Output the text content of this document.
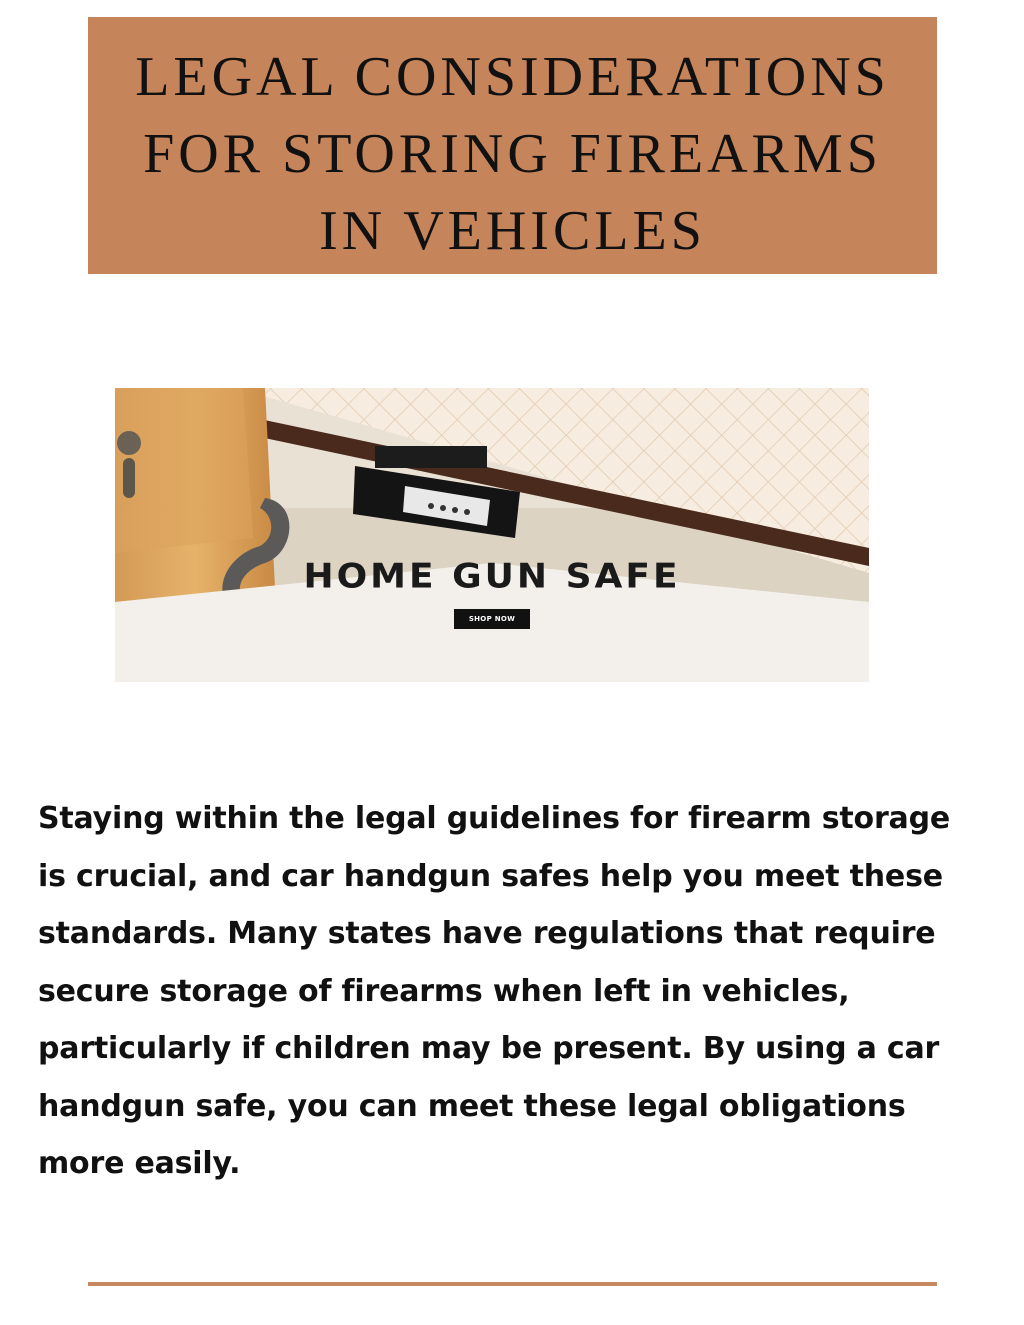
LEGAL CONSIDERATIONS FOR STORING FIREARMS IN VEHICLES
HOME GUN SAFE
SHOP NOW

Staying within the legal guidelines for firearm storage is crucial, and car handgun safes help you meet these standards. Many states have regulations that require secure storage of firearms when left in vehicles, particularly if children may be present. By using a car handgun safe, you can meet these legal obligations more easily.
